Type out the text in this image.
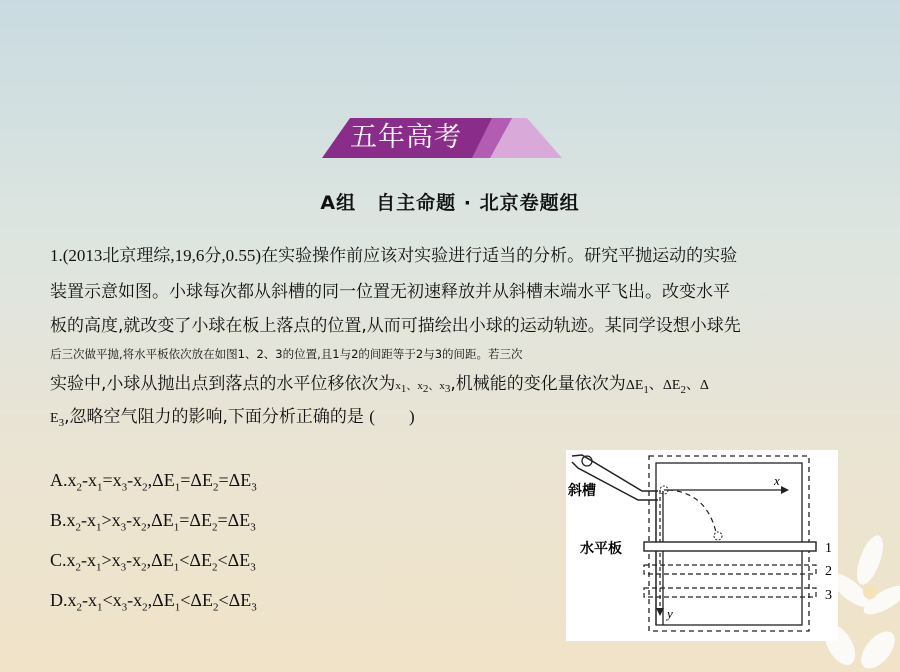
五年高考
A组　自主命题 · 北京卷题组
1.(2013北京理综,19,6分,0.55)在实验操作前应该对实验进行适当的分析。研究平抛运动的实验
装置示意如图。小球每次都从斜槽的同一位置无初速释放并从斜槽末端水平飞出。改变水平
板的高度,就改变了小球在板上落点的位置,从而可描绘出小球的运动轨迹。某同学设想小球先
后三次做平抛,将水平板依次放在如图1、2、3的位置,且1与2的间距等于2与3的间距。若三次
实验中,小球从抛出点到落点的水平位移依次为$x_1$、$x_2$、$x_3$,机械能的变化量依次为$\Delta E_1$、$\Delta E_2$、Δ
$E_3$,忽略空气阻力的影响,下面分析正确的是 (　　)
$A.x_2-x_1=x_3-x_2,\Delta E_1=\Delta E_2=\Delta E_3$
$B.x_2-x_1>x_3-x_2,\Delta E_1=\Delta E_2=\Delta E_3$
$C.x_2-x_1>x_3-x_2,\Delta E_1<\Delta E_2<\Delta E_3$
$D.x_2-x_1<x_3-x_2,\Delta E_1<\Delta E_2<\Delta E_3$
斜槽
水平板
x
y
1
2
3
